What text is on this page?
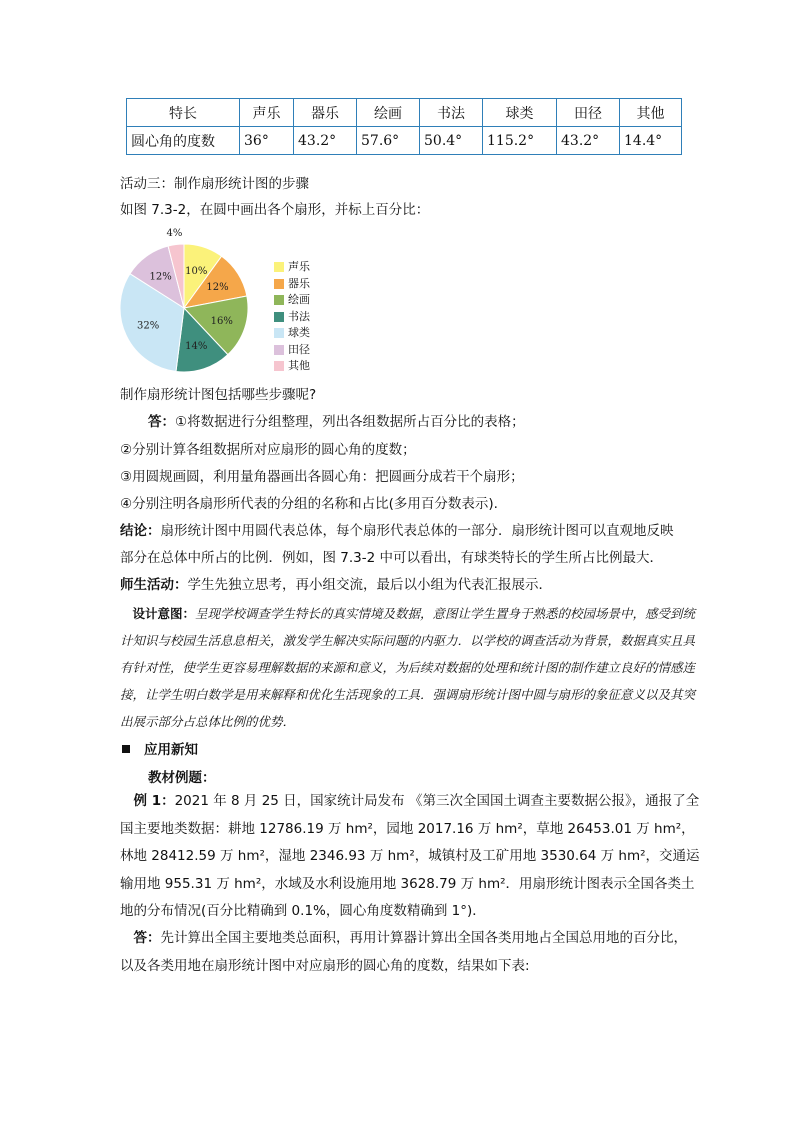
特长	声乐	器乐	绘画	书法	球类	田径	其他
圆心角的度数	36°	43.2°	57.6°	50.4°	115.2°	43.2°	14.4°
活动三：制作扇形统计图的步骤
如图 7.3-2，在圆中画出各个扇形，并标上百分比：
10%
12%
16%
14%
32%
12%
4%
声乐
器乐
绘画
书法
球类
田径
其他
制作扇形统计图包括哪些步骤呢?
答：①将数据进行分组整理，列出各组数据所占百分比的表格；
②分别计算各组数据所对应扇形的圆心角的度数；
③用圆规画圆，利用量角器画出各圆心角：把圆画分成若干个扇形；
④分别注明各扇形所代表的分组的名称和占比(多用百分数表示).
结论：扇形统计图中用圆代表总体，每个扇形代表总体的一部分．扇形统计图可以直观地反映
部分在总体中所占的比例．例如，图 7.3-2 中可以看出，有球类特长的学生所占比例最大．
师生活动：学生先独立思考，再小组交流，最后以小组为代表汇报展示．
 设计意图：呈现学校调查学生特长的真实情境及数据，意图让学生置身于熟悉的校园场景中，感受到统计知识与校园生活息息相关，激发学生解决实际问题的内驱力．以学校的调查活动为背景，数据真实且具有针对性，使学生更容易理解数据的来源和意义，为后续对数据的处理和统计图的制作建立良好的情感连接，让学生明白数学是用来解释和优化生活现象的工具．强调扇形统计图中圆与扇形的象征意义以及其突出展示部分占总体比例的优势．
应用新知
教材例题：
 例 1：2021 年 8 月 25 日，国家统计局发布 《第三次全国国土调查主要数据公报》，通报了全国主要地类数据：耕地 12786.19 万 hm²，园地 2017.16 万 hm²，草地 26453.01 万 hm²，林地 28412.59 万 hm²，湿地 2346.93 万 hm²，城镇村及工矿用地 3530.64 万 hm²，交通运输用地 955.31 万 hm²，水域及水利设施用地 3628.79 万 hm²．用扇形统计图表示全国各类土地的分布情况(百分比精确到 0.1%，圆心角度数精确到 1°)．
 答：先计算出全国主要地类总面积，再用计算器计算出全国各类用地占全国总用地的百分比，以及各类用地在扇形统计图中对应扇形的圆心角的度数，结果如下表:
